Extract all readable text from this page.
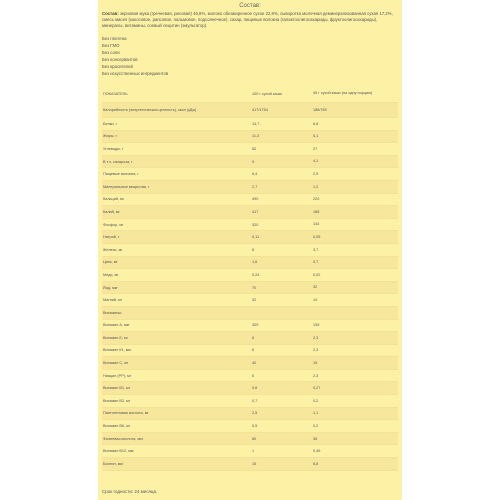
Состав:
Состав: зерновая мука (гречневая, рисовая) 46,6%, молоко обезжиренное сухое 22,9%, сыворотка молочная деминерализованная сухая 17,2%, смесь масел (кокосовое, рапсовое, пальмовое, подсолнечное), сахар, пищевые волокна (галактоолигосахариды, фруктоолигосахариды), минералы, витамины, соевый лецитин (эмульгатор).
Без глютена
Без ГМО
Без соли
Без консервантов
Без красителей
Без искусственных ингредиентов
ПОКАЗАТЕЛЬ	100 г сухой каши	45 г сухой каши (на одну порцию)
Калорийность (энергетическая ценность), ккал (кДж)	417/1754	188/789
Белки, г	14,7	6,6
Жиры, г	11,3	5,1
Углеводы, г	60	27
В т.ч. сахароза, г	9	4,1
Пищевые волокна, г	6,4	2,9
Минеральные вещества, г	2,7	1,2
Кальций, мг	490	220
Калий, мг	417	188
Фосфор, мг	320	144
Натрий, г	0,11	0,05
Железо, мг	8	3,7
Цинк, мг	1,6	0,7
Медь, мг	0,24	0,02
Йод, мкг	70	32
Магний, мг	32	14
Витамины:
Витамин А, мкг	309	139
Витамин Е, мг	6	2,3
Витамин К1, мкг	6	2,3
Витамин С, мг	40	15
Ниацин (РР), мг	6	2,3
Витамин В1, мг	0,6	0,27
Витамин В2, мг	0,7	0,2
Пантотеновая кислота, мг	2,5	1,1
Витамин В6, мг	0,5	0,2
Фолиевая кислота, мкг	80	36
Витамин В12, мкг	1	0,45
Биотин, мкг	15	6,8
Срок годности: 24 месяца.
